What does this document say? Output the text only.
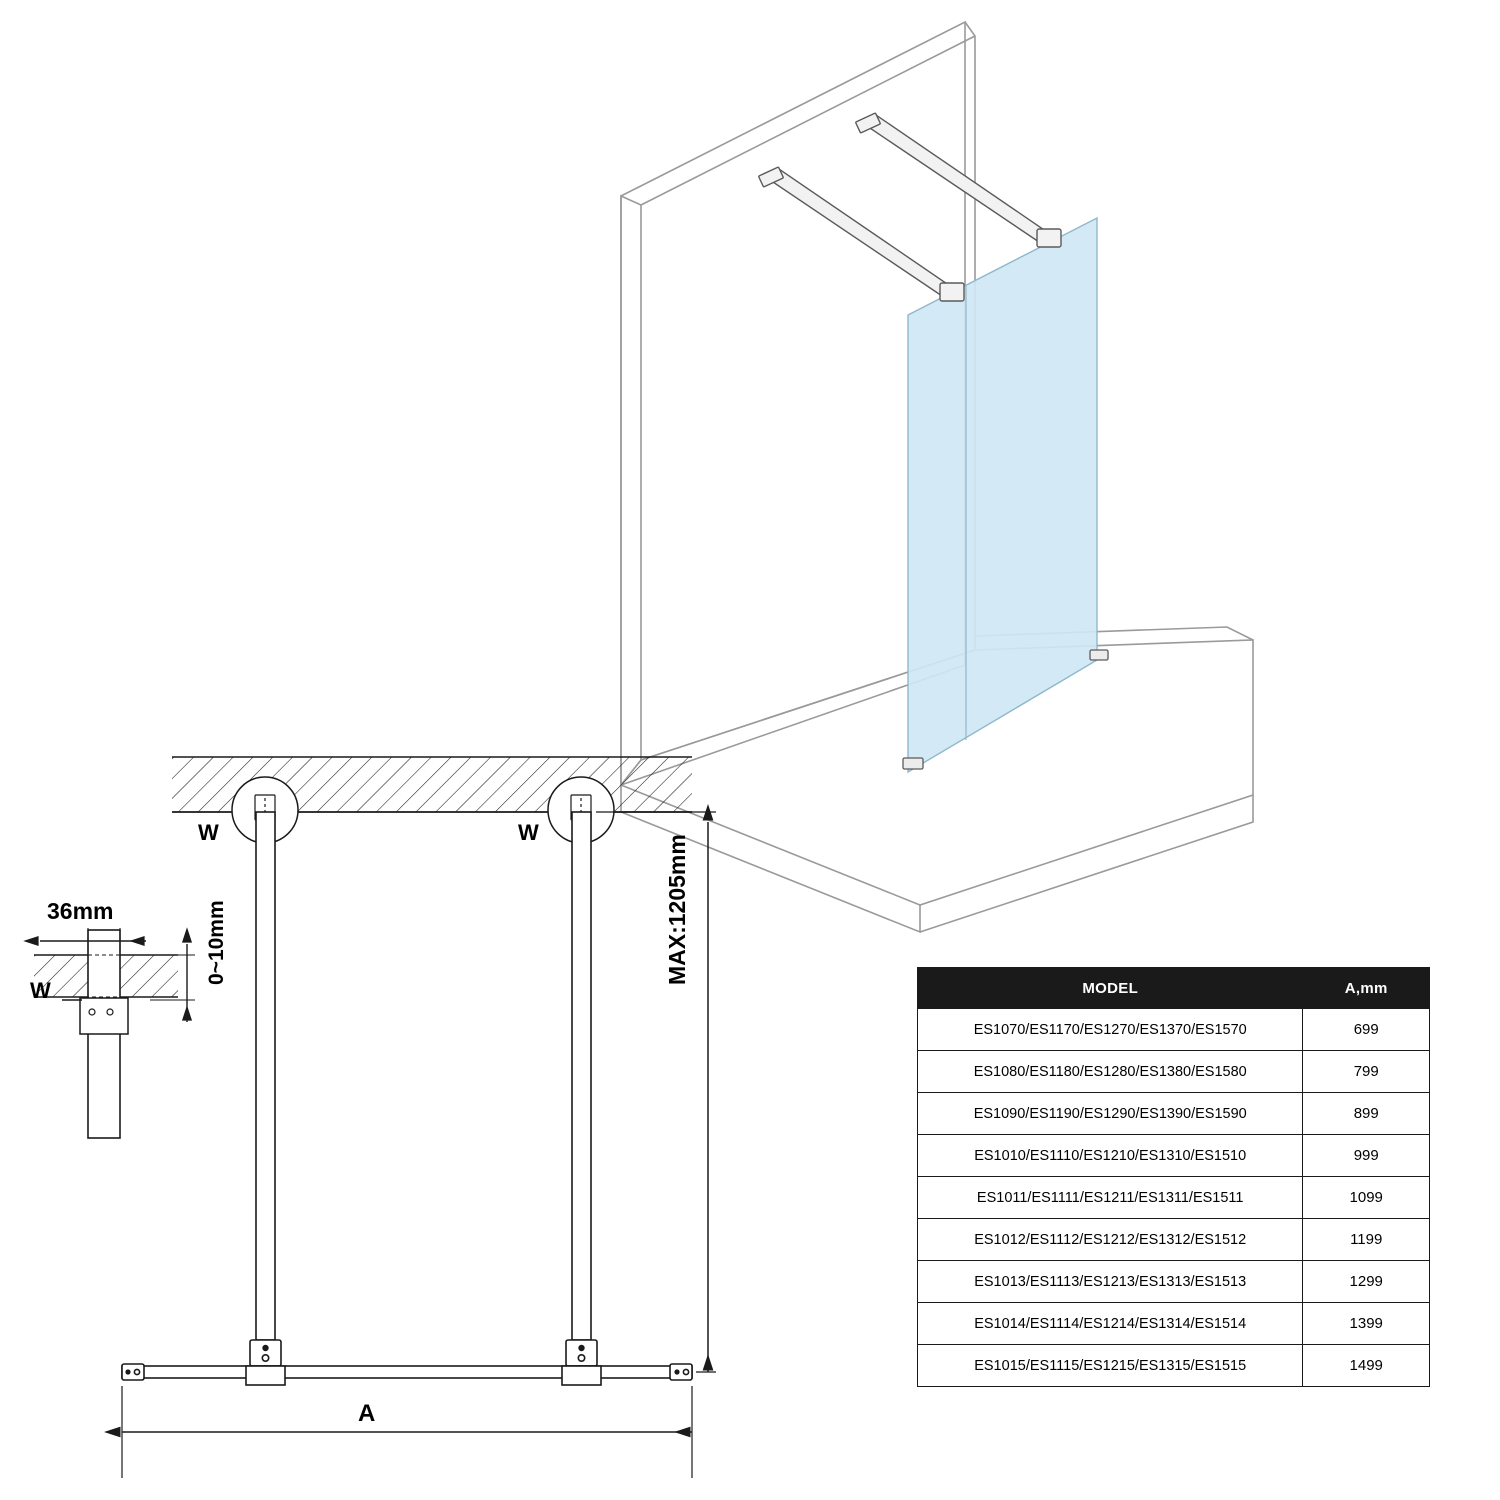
36mm	MAX:1205mm
0~10mm
A
W	W
W	MODEL	A,mm
ES1070/ES1170/ES1270/ES1370/ES1570	699
ES1080/ES1180/ES1280/ES1380/ES1580	799
ES1090/ES1190/ES1290/ES1390/ES1590	899
ES1010/ES1110/ES1210/ES1310/ES1510	999
ES1011/ES1111/ES1211/ES1311/ES1511	1099
ES1012/ES1112/ES1212/ES1312/ES1512	1199
ES1013/ES1113/ES1213/ES1313/ES1513	1299
ES1014/ES1114/ES1214/ES1314/ES1514	1399
ES1015/ES1115/ES1215/ES1315/ES1515	1499
